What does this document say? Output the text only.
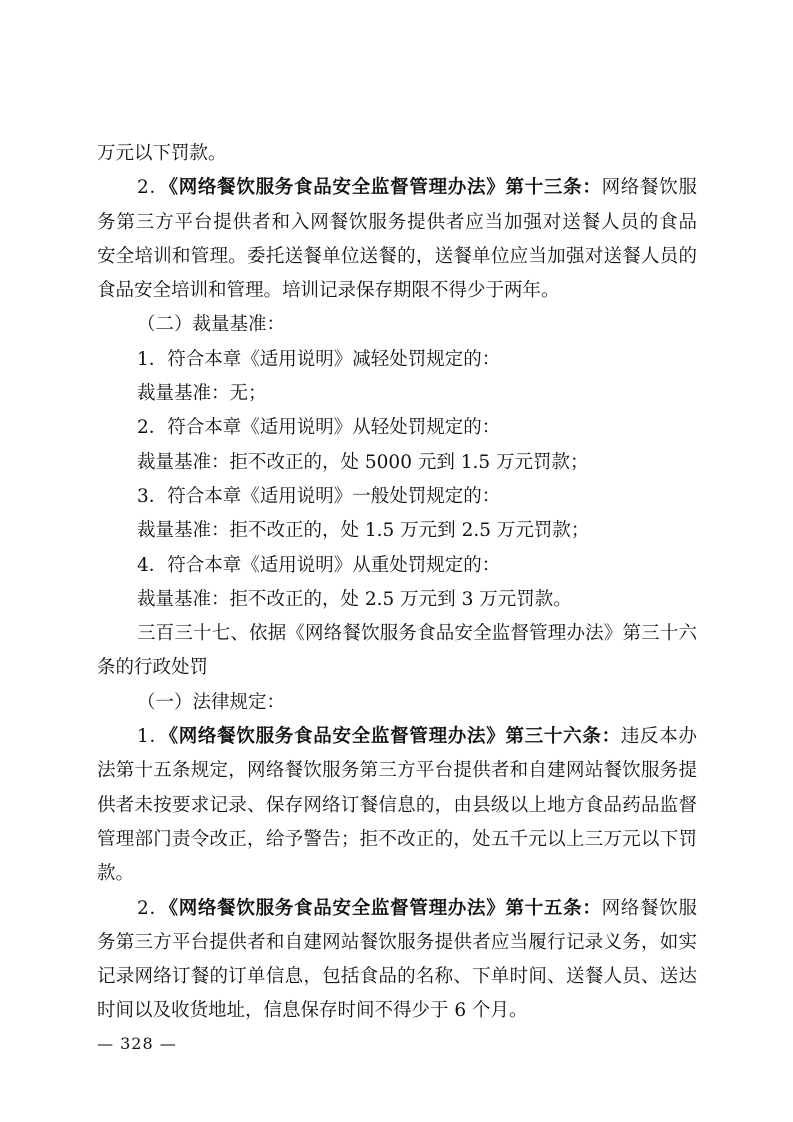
万元以下罚款。
2．《网络餐饮服务食品安全监督管理办法》第十三条：网络餐饮服
务第三方平台提供者和入网餐饮服务提供者应当加强对送餐人员的食品
安全培训和管理。委托送餐单位送餐的，送餐单位应当加强对送餐人员的
食品安全培训和管理。培训记录保存期限不得少于两年。
（二）裁量基准：
1．符合本章《适用说明》减轻处罚规定的：
裁量基准：无；
2．符合本章《适用说明》从轻处罚规定的：
裁量基准：拒不改正的，处 5000 元到 1.5 万元罚款；
3．符合本章《适用说明》一般处罚规定的：
裁量基准：拒不改正的，处 1.5 万元到 2.5 万元罚款；
4．符合本章《适用说明》从重处罚规定的：
裁量基准：拒不改正的，处 2.5 万元到 3 万元罚款。
三百三十七、依据《网络餐饮服务食品安全监督管理办法》第三十六
条的行政处罚
（一）法律规定：
1．《网络餐饮服务食品安全监督管理办法》第三十六条：违反本办
法第十五条规定，网络餐饮服务第三方平台提供者和自建网站餐饮服务提
供者未按要求记录、保存网络订餐信息的，由县级以上地方食品药品监督
管理部门责令改正，给予警告；拒不改正的，处五千元以上三万元以下罚
款。
2．《网络餐饮服务食品安全监督管理办法》第十五条：网络餐饮服
务第三方平台提供者和自建网站餐饮服务提供者应当履行记录义务，如实
记录网络订餐的订单信息，包括食品的名称、下单时间、送餐人员、送达
时间以及收货地址，信息保存时间不得少于 6 个月。
— 328 —
